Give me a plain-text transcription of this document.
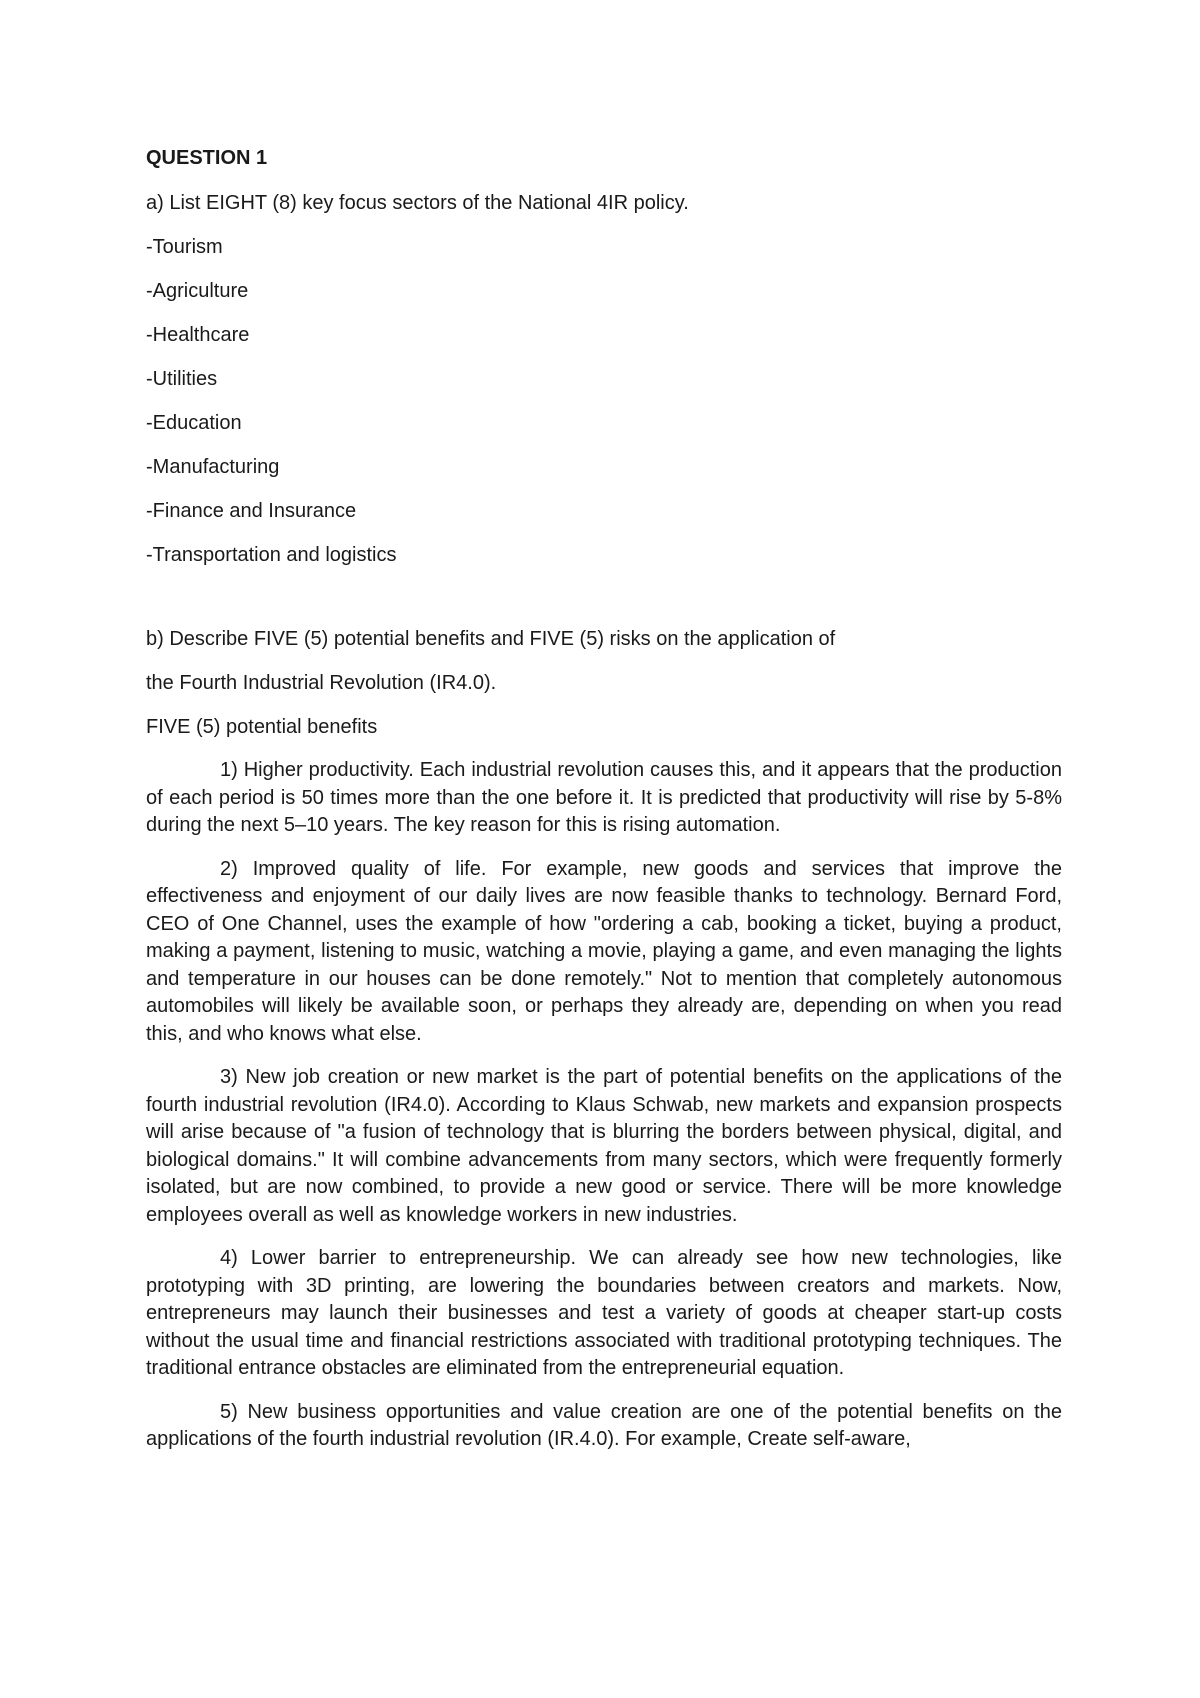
QUESTION 1
a) List EIGHT (8) key focus sectors of the National 4IR policy.
-Tourism
-Agriculture
-Healthcare
-Utilities
-Education
-Manufacturing
-Finance and Insurance
-Transportation and logistics
b) Describe FIVE (5) potential benefits and FIVE (5) risks on the application of
the Fourth Industrial Revolution (IR4.0).
FIVE (5) potential benefits

1) Higher productivity. Each industrial revolution causes this, and it appears that the production of each period is 50 times more than the one before it. It is predicted that productivity will rise by 5-8% during the next 5–10 years. The key reason for this is rising automation.

2) Improved quality of life. For example, new goods and services that improve the effectiveness and enjoyment of our daily lives are now feasible thanks to technology. Bernard Ford, CEO of One Channel, uses the example of how "ordering a cab, booking a ticket, buying a product, making a payment, listening to music, watching a movie, playing a game, and even managing the lights and temperature in our houses can be done remotely." Not to mention that completely autonomous automobiles will likely be available soon, or perhaps they already are, depending on when you read this, and who knows what else.

3) New job creation or new market is the part of potential benefits on the applications of the fourth industrial revolution (IR4.0). According to Klaus Schwab, new markets and expansion prospects will arise because of "a fusion of technology that is blurring the borders between physical, digital, and biological domains." It will combine advancements from many sectors, which were frequently formerly isolated, but are now combined, to provide a new good or service. There will be more knowledge employees overall as well as knowledge workers in new industries.

4) Lower barrier to entrepreneurship. We can already see how new technologies, like prototyping with 3D printing, are lowering the boundaries between creators and markets. Now, entrepreneurs may launch their businesses and test a variety of goods at cheaper start-up costs without the usual time and financial restrictions associated with traditional prototyping techniques. The traditional entrance obstacles are eliminated from the entrepreneurial equation.

5) New business opportunities and value creation are one of the potential benefits on the applications of the fourth industrial revolution (IR.4.0). For example, Create self-aware,
